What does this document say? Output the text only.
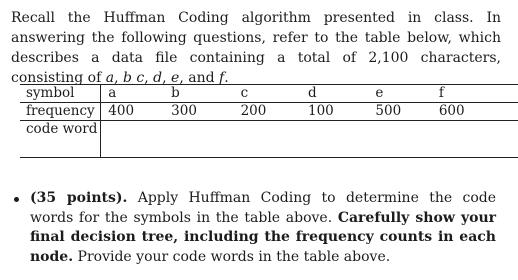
Recall the Huffman Coding algorithm presented in class. In answering the following questions, refer to the table below, which describes a data file containing a total of 2,100 characters, consisting of a, b c, d, e, and f.
symbol	a	b	c	d	e	f	
frequency	400	300	200	100	500	600	
code word							
(35 points). Apply Huffman Coding to determine the code words for the symbols in the table above. Carefully show your final decision tree, including the frequency counts in each node. Provide your code words in the table above.
